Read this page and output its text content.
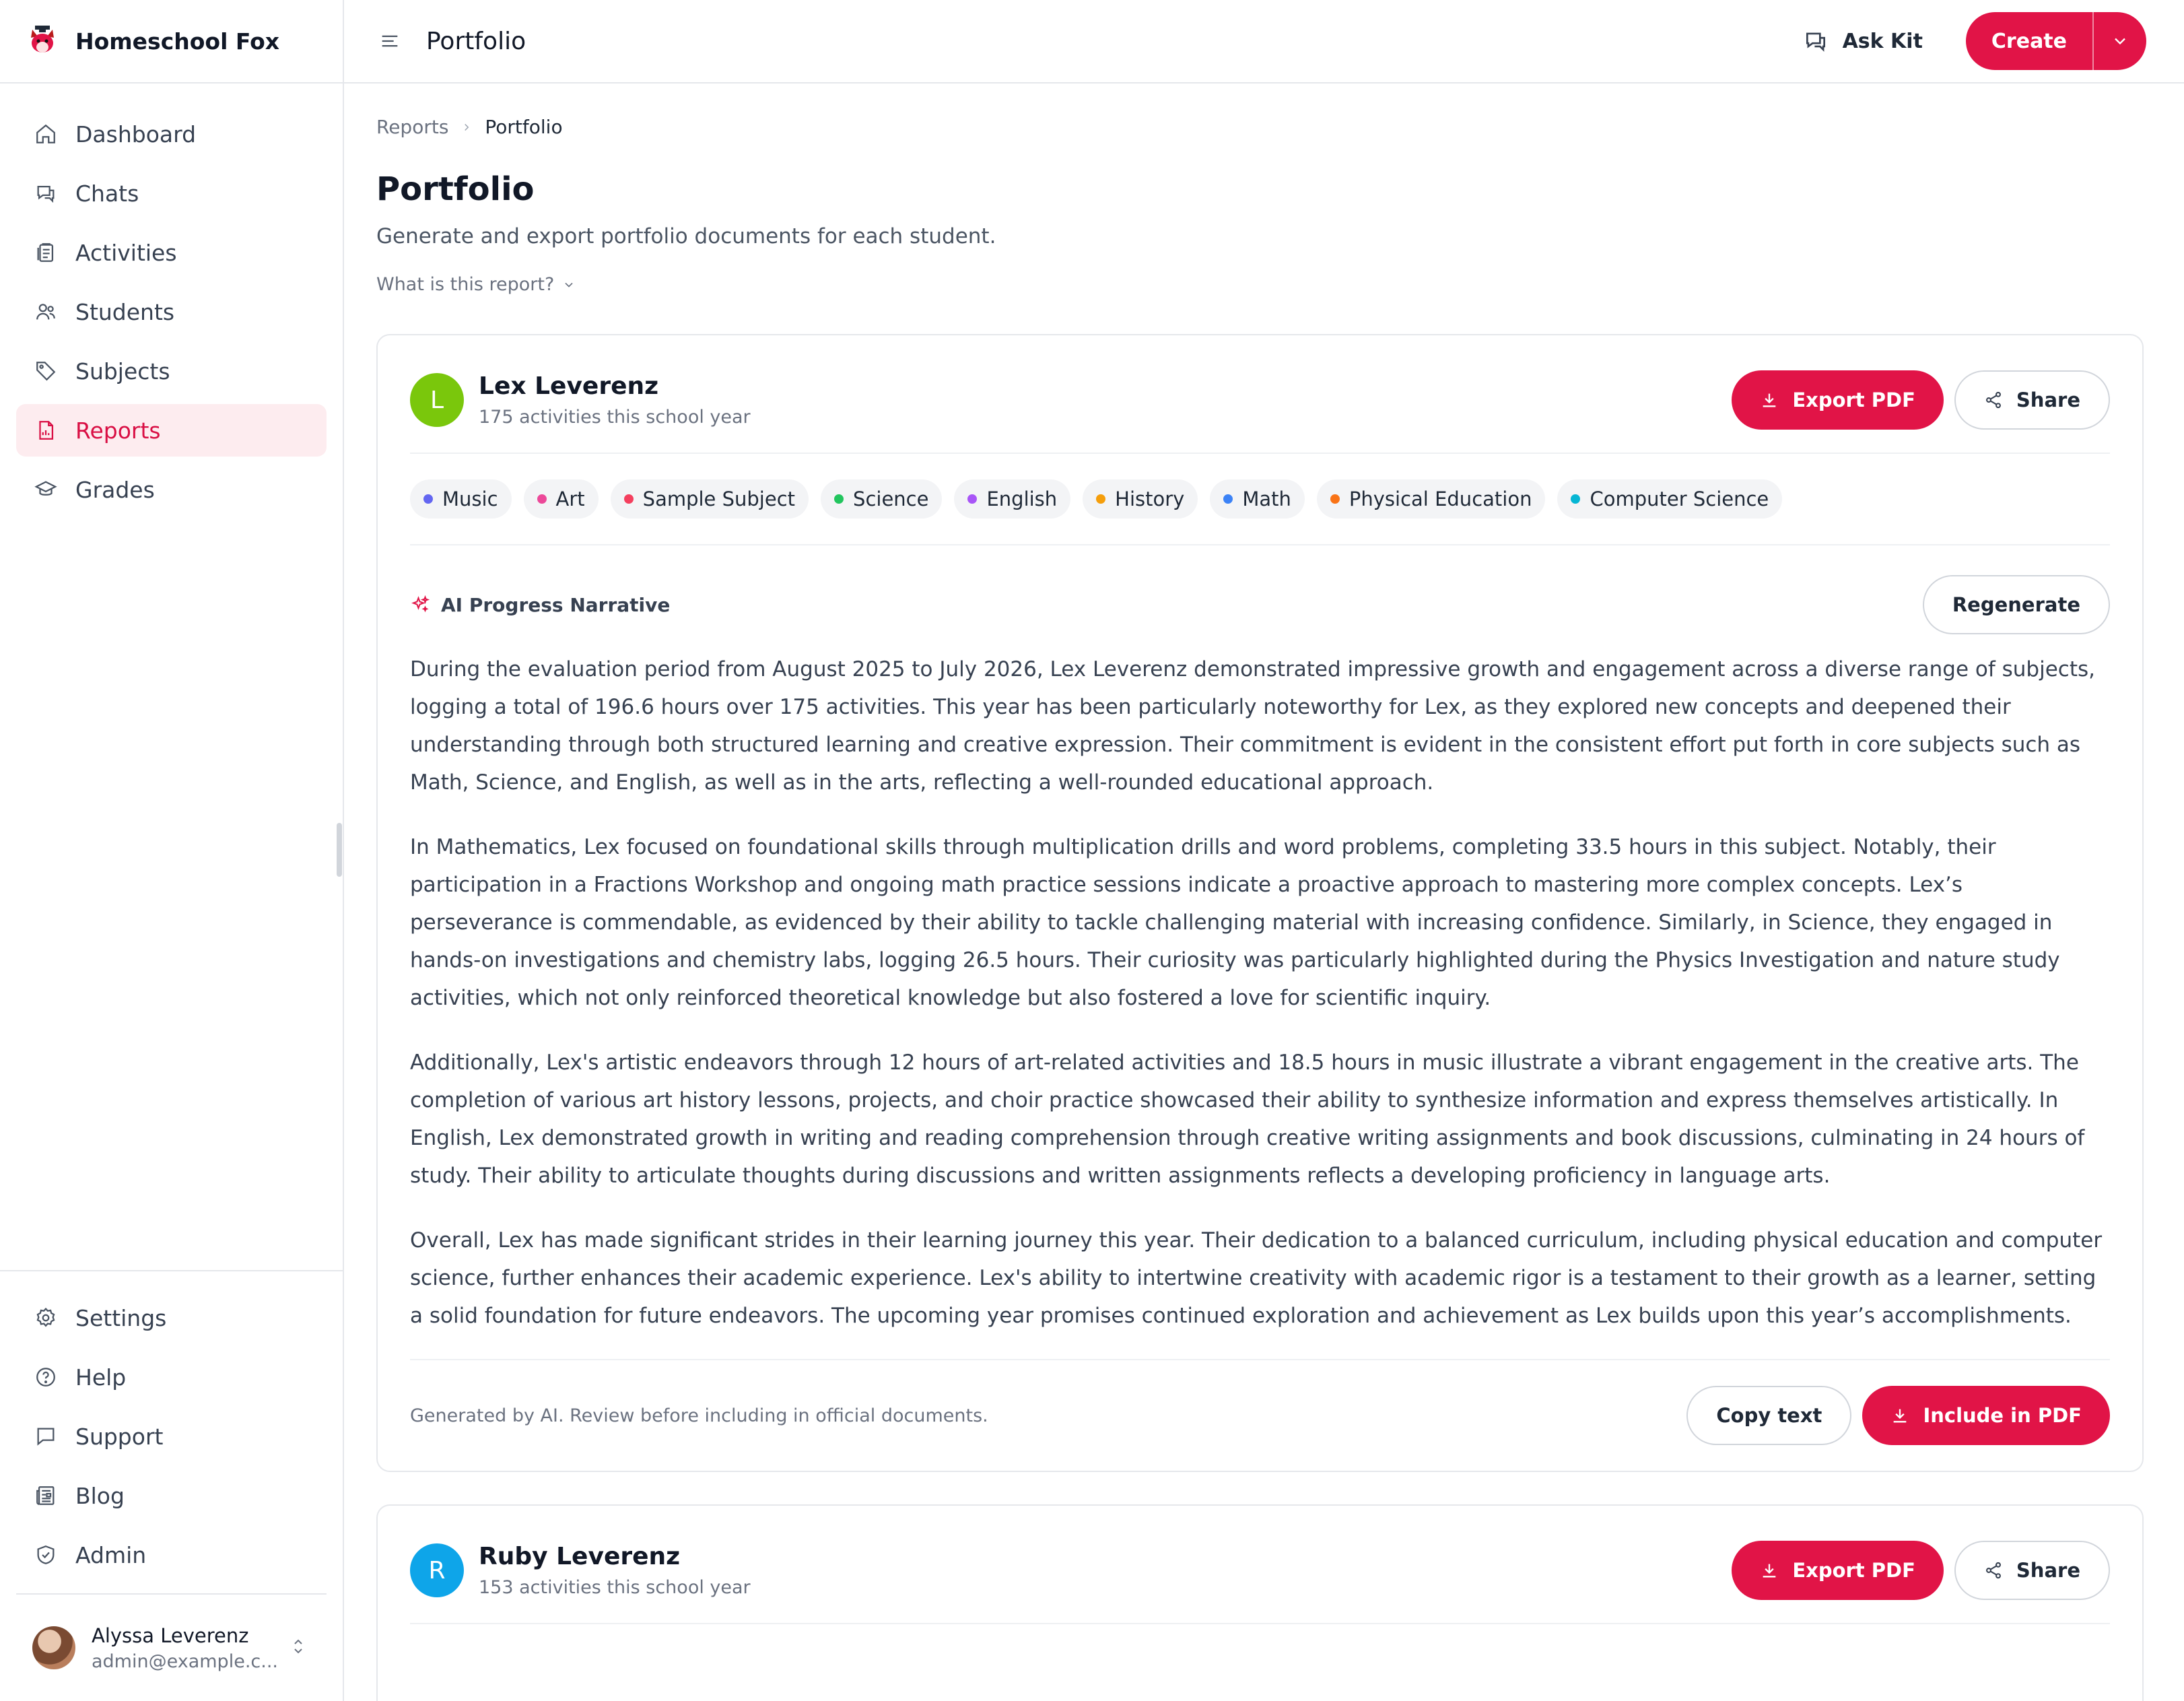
Homeschool Fox
Dashboard
Chats
Activities
Students
Subjects
Reports
Grades
Settings
Help
Support
Blog
Admin
Alyssa Leverenz
admin@example.c...
Portfolio	Ask Kit	Create
Reports Portfolio
Portfolio

Generate and export portfolio documents for each student.

What is this report?
L	Lex Leverenz
175 activities this school year
Export PDF	Share
Music	Art	Sample Subject	Science	English	History	Math	Physical Education	Computer Science
AI Progress Narrative	Regenerate

During the evaluation period from August 2025 to July 2026, Lex Leverenz demonstrated impressive growth and engagement across a diverse range of subjects, logging a total of 196.6 hours over 175 activities. This year has been particularly noteworthy for Lex, as they explored new concepts and deepened their understanding through both structured learning and creative expression. Their commitment is evident in the consistent effort put forth in core subjects such as Math, Science, and English, as well as in the arts, reflecting a well-rounded educational approach.

In Mathematics, Lex focused on foundational skills through multiplication drills and word problems, completing 33.5 hours in this subject. Notably, their participation in a Fractions Workshop and ongoing math practice sessions indicate a proactive approach to mastering more complex concepts. Lex’s perseverance is commendable, as evidenced by their ability to tackle challenging material with increasing confidence. Similarly, in Science, they engaged in hands-on investigations and chemistry labs, logging 26.5 hours. Their curiosity was particularly highlighted during the Physics Investigation and nature study activities, which not only reinforced theoretical knowledge but also fostered a love for scientific inquiry.

Additionally, Lex's artistic endeavors through 12 hours of art-related activities and 18.5 hours in music illustrate a vibrant engagement in the creative arts. The completion of various art history lessons, projects, and choir practice showcased their ability to synthesize information and express themselves artistically. In English, Lex demonstrated growth in writing and reading comprehension through creative writing assignments and book discussions, culminating in 24 hours of study. Their ability to articulate thoughts during discussions and written assignments reflects a developing proficiency in language arts.

Overall, Lex has made significant strides in their learning journey this year. Their dedication to a balanced curriculum, including physical education and computer science, further enhances their academic experience. Lex's ability to intertwine creativity with academic rigor is a testament to their growth as a learner, setting a solid foundation for future endeavors. The upcoming year promises continued exploration and achievement as Lex builds upon this year’s accomplishments.

Generated by AI. Review before including in official documents.	Copy text	Include in PDF
R	Ruby Leverenz
153 activities this school year
Export PDF	Share
